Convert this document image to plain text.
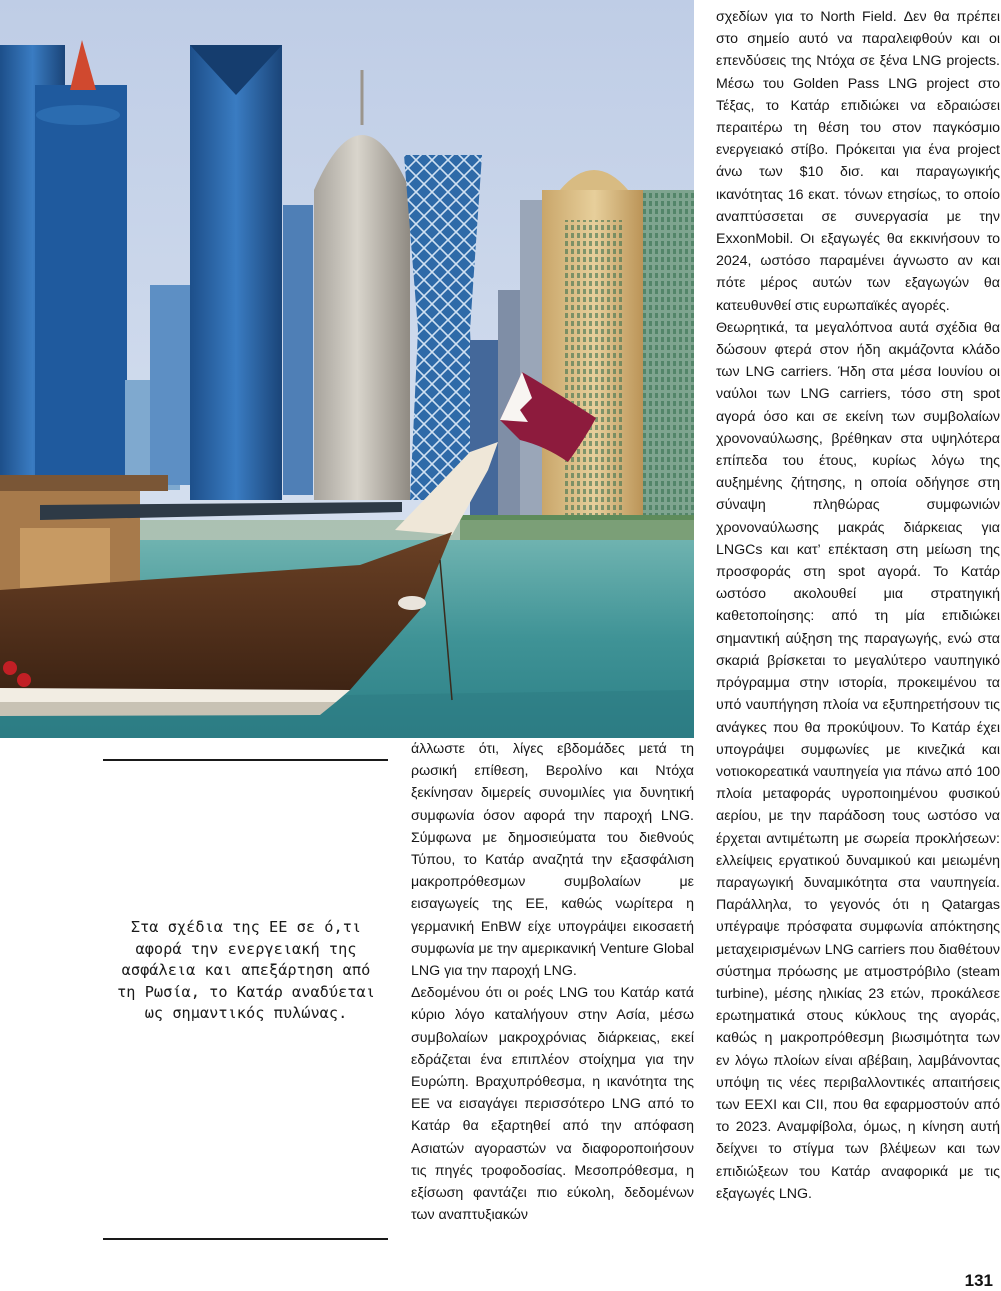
Στα σχέδια της ΕΕ σε ό,τι αφορά την ενεργειακή της ασφάλεια και απεξάρτηση από τη Ρωσία, το Κατάρ αναδύεται ως σημαντικός πυλώνας.

άλλωστε ότι, λίγες εβδομάδες μετά τη ρωσική επίθεση, Βερολίνο και Ντόχα ξεκίνησαν διμερείς συνομιλίες για δυνητική συμφωνία όσον αφορά την παροχή LNG. Σύμφωνα με δημοσιεύματα του διεθνούς Τύπου, το Κατάρ αναζητά την εξασφάλιση μακροπρόθεσμων συμβολαίων με εισαγωγείς της ΕΕ, καθώς νωρίτερα η γερμανική EnBW είχε υπογράψει εικοσαετή συμφωνία με την αμερικανική Venture Global LNG για την παροχή LNG.

Δεδομένου ότι οι ροές LNG του Κατάρ κατά κύριο λόγο καταλήγουν στην Ασία, μέσω συμβολαίων μακροχρόνιας διάρκειας, εκεί εδράζεται ένα επιπλέον στοίχημα για την Ευρώπη. Βραχυπρόθεσμα, η ικανότητα της ΕΕ να εισαγάγει περισσότερο LNG από το Κατάρ θα εξαρτηθεί από την απόφαση Ασιατών αγοραστών να διαφοροποιήσουν τις πηγές τροφοδοσίας. Μεσοπρόθεσμα, η εξίσωση φαντάζει πιο εύκολη, δεδομένων των αναπτυξιακών

σχεδίων για το North Field. Δεν θα πρέπει στο σημείο αυτό να παραλειφθούν και οι επενδύσεις της Ντόχα σε ξένα LNG projects. Μέσω του Golden Pass LNG project στο Τέξας, το Κατάρ επιδιώκει να εδραιώσει περαιτέρω τη θέση του στον παγκόσμιο ενεργειακό στίβο. Πρόκειται για ένα project άνω των $10 δισ. και παραγωγικής ικανότητας 16 εκατ. τόνων ετησίως, το οποίο αναπτύσσεται σε συνεργασία με την ExxonMobil. Οι εξαγωγές θα εκκινήσουν το 2024, ωστόσο παραμένει άγνωστο αν και πότε μέρος αυτών των εξαγωγών θα κατευθυνθεί στις ευρωπαϊκές αγορές.

Θεωρητικά, τα μεγαλόπνοα αυτά σχέδια θα δώσουν φτερά στον ήδη ακμάζοντα κλάδο των LNG carriers. Ήδη στα μέσα Ιουνίου οι ναύλοι των LNG carriers, τόσο στη spot αγορά όσο και σε εκείνη των συμβολαίων χρονοναύλωσης, βρέθηκαν στα υψηλότερα επίπεδα του έτους, κυρίως λόγω της αυξημένης ζήτησης, η οποία οδήγησε στη σύναψη πληθώρας συμφωνιών χρονοναύλωσης μακράς διάρκειας για LNGCs και κατ’ επέκταση στη μείωση της προσφοράς στη spot αγορά. Το Κατάρ ωστόσο ακολουθεί μια στρατηγική καθετοποίησης: από τη μία επιδιώκει σημαντική αύξηση της παραγωγής, ενώ στα σκαριά βρίσκεται το μεγαλύτερο ναυπηγικό πρόγραμμα στην ιστορία, προκειμένου τα υπό ναυπήγηση πλοία να εξυπηρετήσουν τις ανάγκες που θα προκύψουν. Το Κατάρ έχει υπογράψει συμφωνίες με κινεζικά και νοτιοκορεατικά ναυπηγεία για πάνω από 100 πλοία μεταφοράς υγροποιημένου φυσικού αερίου, με την παράδοση τους ωστόσο να έρχεται αντιμέτωπη με σωρεία προκλήσεων: ελλείψεις εργατικού δυναμικού και μειωμένη παραγωγική δυναμικότητα στα ναυπηγεία. Παράλληλα, το γεγονός ότι η Qatargas υπέγραψε πρόσφατα συμφωνία απόκτησης μεταχειρισμένων LNG carriers που διαθέτουν σύστημα πρόωσης με ατμοστρόβιλο (steam turbine), μέσης ηλικίας 23 ετών, προκάλεσε ερωτηματικά στους κύκλους της αγοράς, καθώς η μακροπρόθεσμη βιωσιμότητα των εν λόγω πλοίων είναι αβέβαιη, λαμβάνοντας υπόψη τις νέες περιβαλλοντικές απαιτήσεις των EEXI και CII, που θα εφαρμοστούν από το 2023. Αναμφίβολα, όμως, η κίνηση αυτή δείχνει το στίγμα των βλέψεων και των επιδιώξεων του Κατάρ αναφορικά με τις εξαγωγές LNG.

131
